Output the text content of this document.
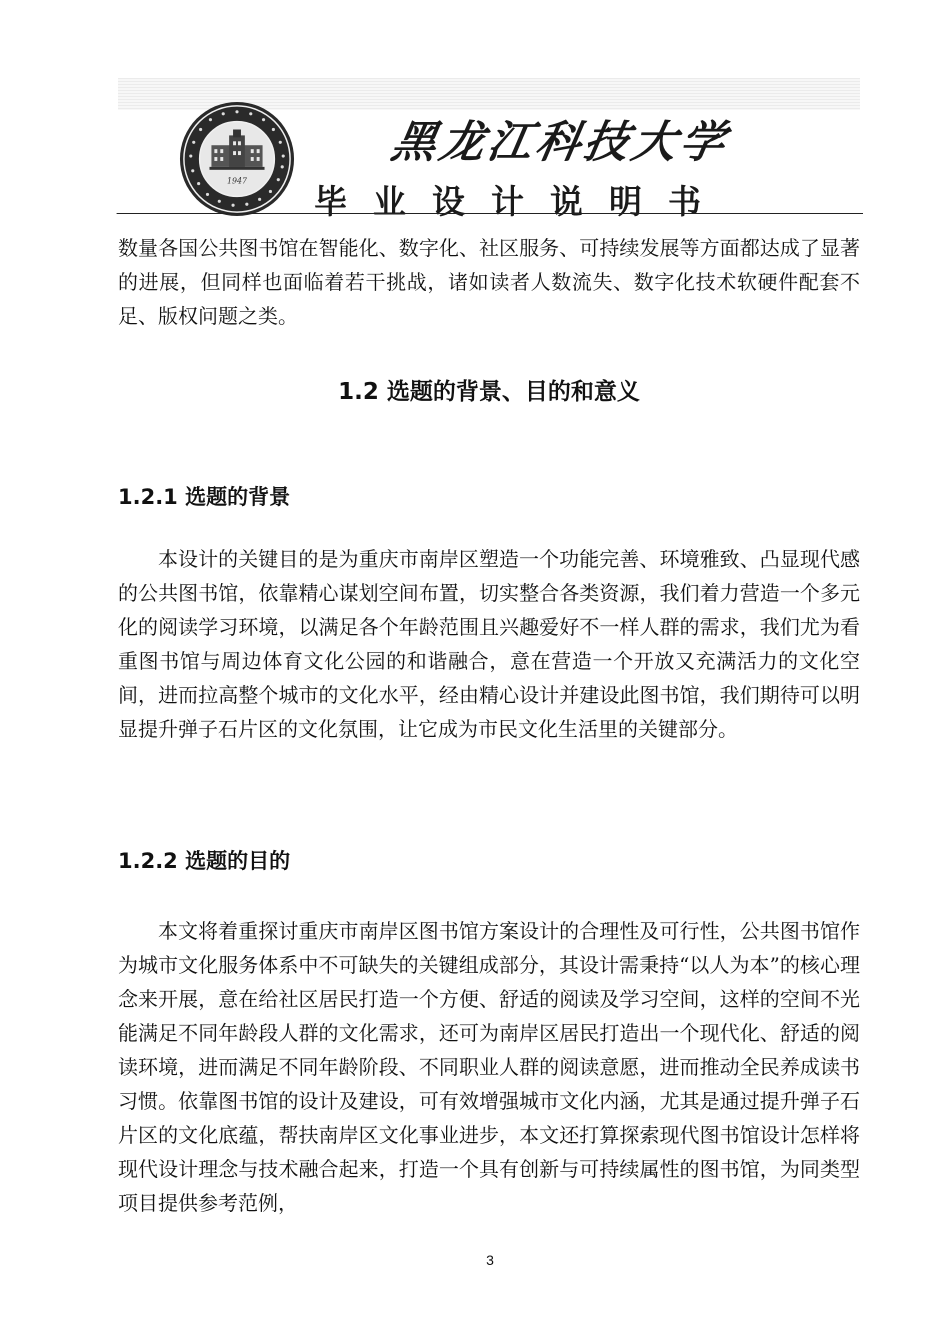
1947
黑龙江科技大学
毕业设计说明书
-	-

数量各国公共图书馆在智能化、数字化、社区服务、可持续发展等方面都达成了显著的进展，但同样也面临着若干挑战，诸如读者人数流失、数字化技术软硬件配套不足、版权问题之类。

1.2 选题的背景、目的和意义
1.2.1 选题的背景

本设计的关键目的是为重庆市南岸区塑造一个功能完善、环境雅致、凸显现代感的公共图书馆，依靠精心谋划空间布置，切实整合各类资源，我们着力营造一个多元化的阅读学习环境，以满足各个年龄范围且兴趣爱好不一样人群的需求，我们尤为看重图书馆与周边体育文化公园的和谐融合，意在营造一个开放又充满活力的文化空间，进而拉高整个城市的文化水平，经由精心设计并建设此图书馆，我们期待可以明显提升弹子石片区的文化氛围，让它成为市民文化生活里的关键部分。

1.2.2 选题的目的

本文将着重探讨重庆市南岸区图书馆方案设计的合理性及可行性，公共图书馆作为城市文化服务体系中不可缺失的关键组成部分，其设计需秉持“以人为本”的核心理念来开展，意在给社区居民打造一个方便、舒适的阅读及学习空间，这样的空间不光能满足不同年龄段人群的文化需求，还可为南岸区居民打造出一个现代化、舒适的阅读环境，进而满足不同年龄阶段、不同职业人群的阅读意愿，进而推动全民养成读书习惯。依靠图书馆的设计及建设，可有效增强城市文化内涵，尤其是通过提升弹子石片区的文化底蕴，帮扶南岸区文化事业进步，本文还打算探索现代图书馆设计怎样将现代设计理念与技术融合起来，打造一个具有创新与可持续属性的图书馆，为同类型项目提供参考范例，

3
